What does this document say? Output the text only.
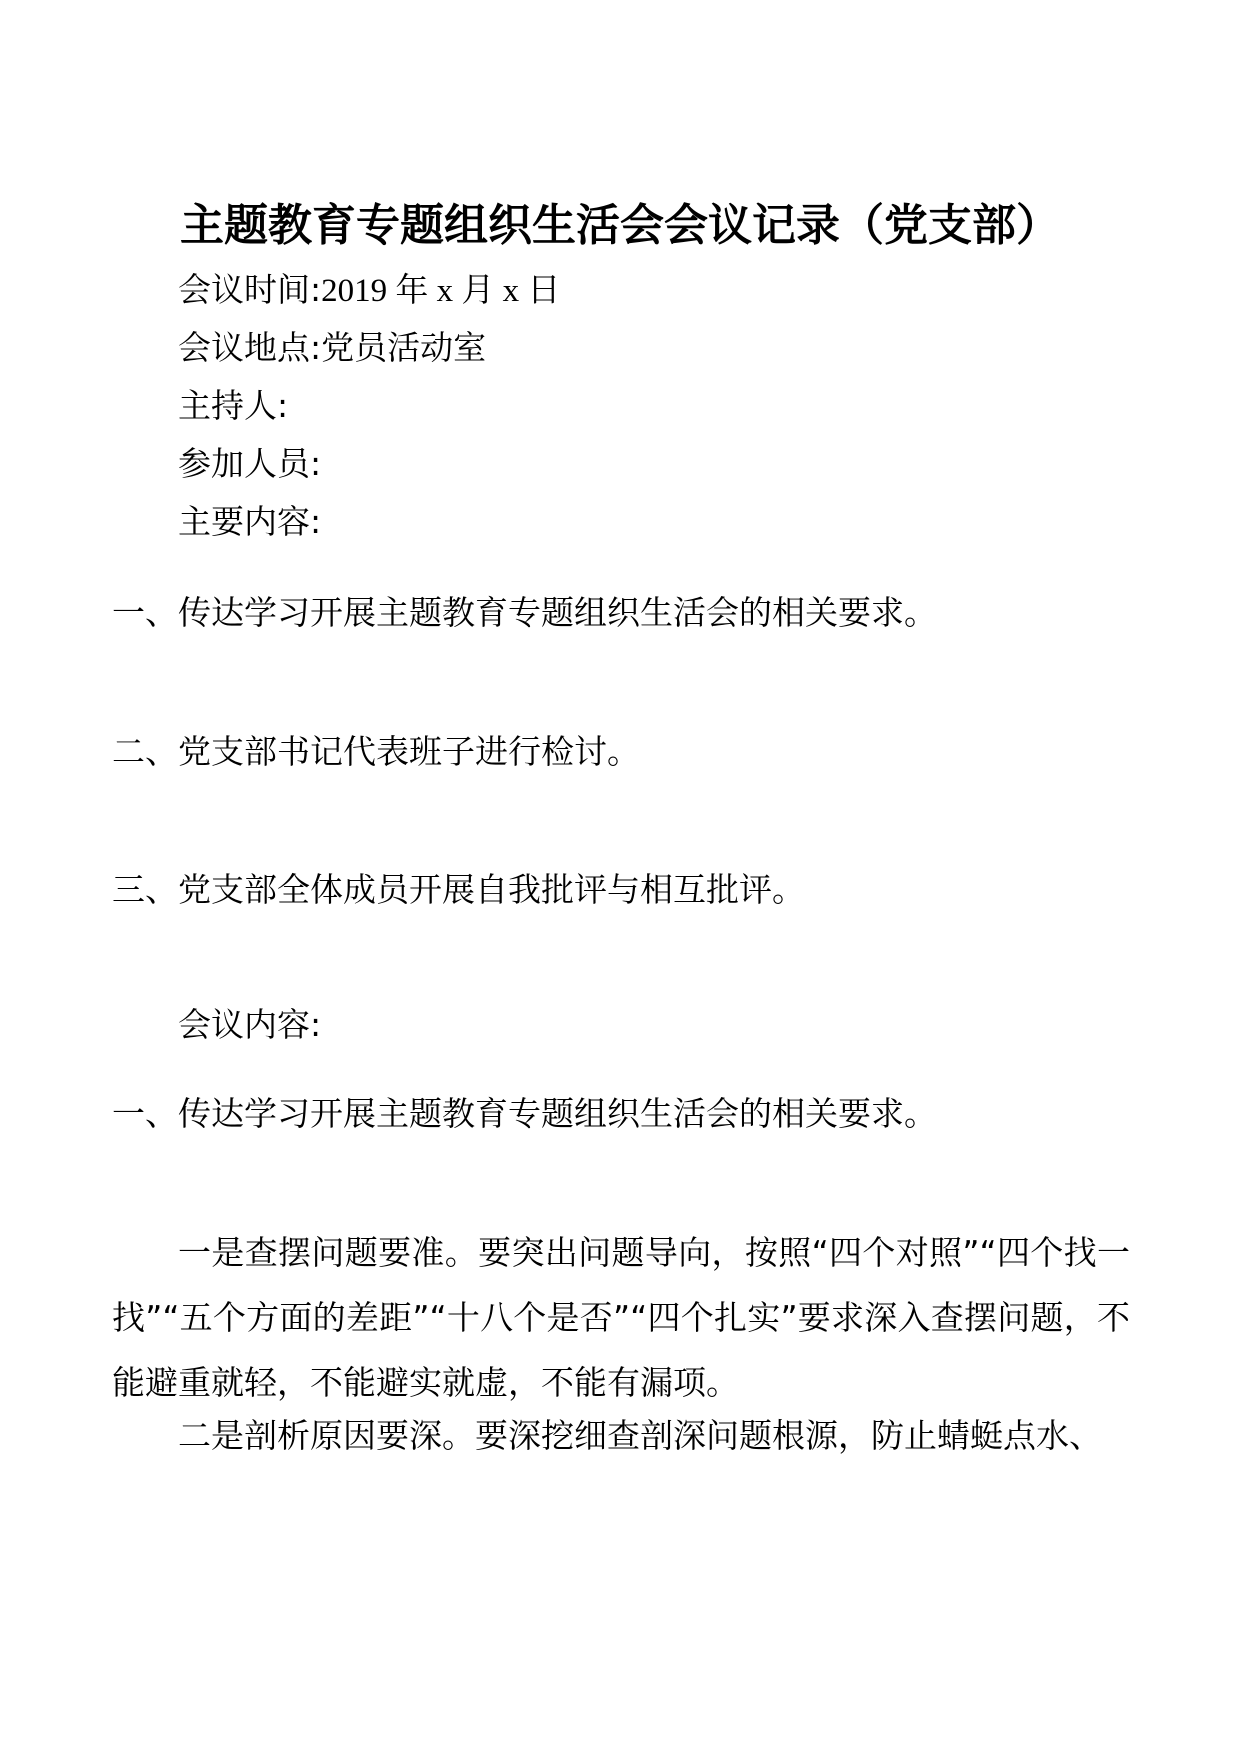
主题教育专题组织生活会会议记录（党支部）
会议时间:2019 年 x 月 x 日
会议地点:党员活动室
主持人:
参加人员:
主要内容:
一、传达学习开展主题教育专题组织生活会的相关要求。
二、党支部书记代表班子进行检讨。
三、党支部全体成员开展自我批评与相互批评。
会议内容:
一、传达学习开展主题教育专题组织生活会的相关要求。
一是查摆问题要准。要突出问题导向，按照“四个对照”“四个找一找”“五个方面的差距”“十八个是否”“四个扎实”要求深入查摆问题，不能避重就轻，不能避实就虚，不能有漏项。
二是剖析原因要深。要深挖细查剖深问题根源，防止蜻蜓点水、
